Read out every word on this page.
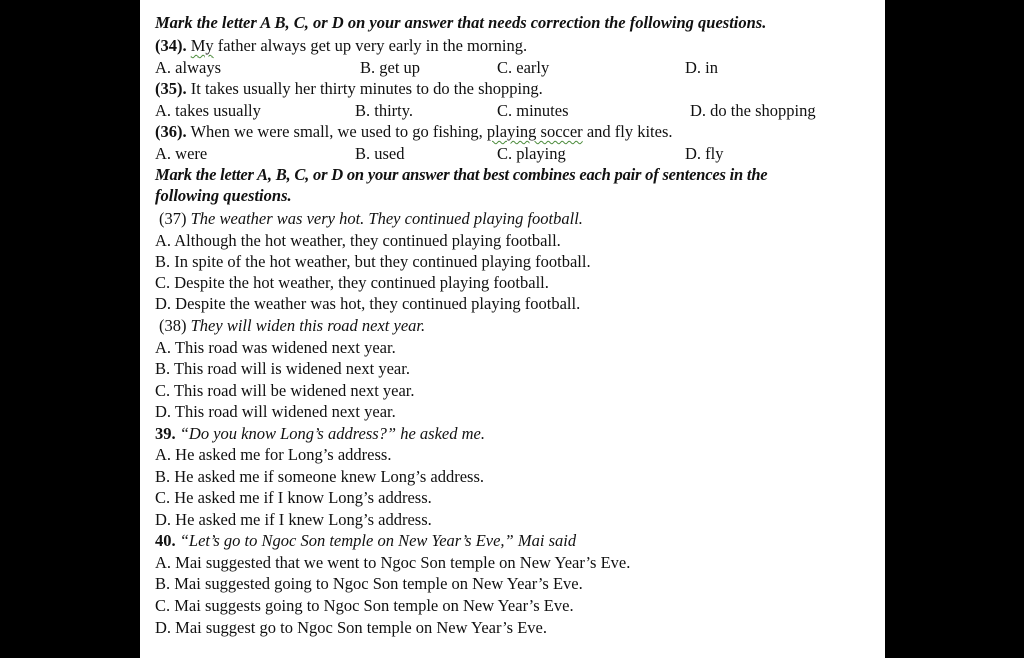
Mark the letter A B, C, or D on your answer that needs correction the following questions.
(34). My father always get up very early in the morning.
A. always	B. get up	C. early	D. in
(35). It takes usually her thirty minutes to do the shopping.
A. takes usually	B. thirty.	C. minutes	D. do the shopping
(36). When we were small, we used to go fishing, playing soccer and fly kites.
A. were	B. used	C. playing	D. fly
Mark the letter A, B, C, or D on your answer that best combines each pair of sentences in the
following questions.
(37) The weather was very hot. They continued playing football.
A. Although the hot weather, they continued playing football.
B. In spite of the hot weather, but they continued playing football.
C. Despite the hot weather, they continued playing football.
D. Despite the weather was hot, they continued playing football.
(38) They will widen this road next year.
A. This road was widened next year.
B. This road will is widened next year.
C. This road will be widened next year.
D. This road will widened next year.
39. “Do you know Long’s address?” he asked me.
A. He asked me for Long’s address.
B. He asked me if someone knew Long’s address.
C. He asked me if I know Long’s address.
D. He asked me if I knew Long’s address.
40. “Let’s go to Ngoc Son temple on New Year’s Eve,” Mai said
A. Mai suggested that we went to Ngoc Son temple on New Year’s Eve.
B. Mai suggested going to Ngoc Son temple on New Year’s Eve.
C. Mai suggests going to Ngoc Son temple on New Year’s Eve.
D. Mai suggest go to Ngoc Son temple on New Year’s Eve.
